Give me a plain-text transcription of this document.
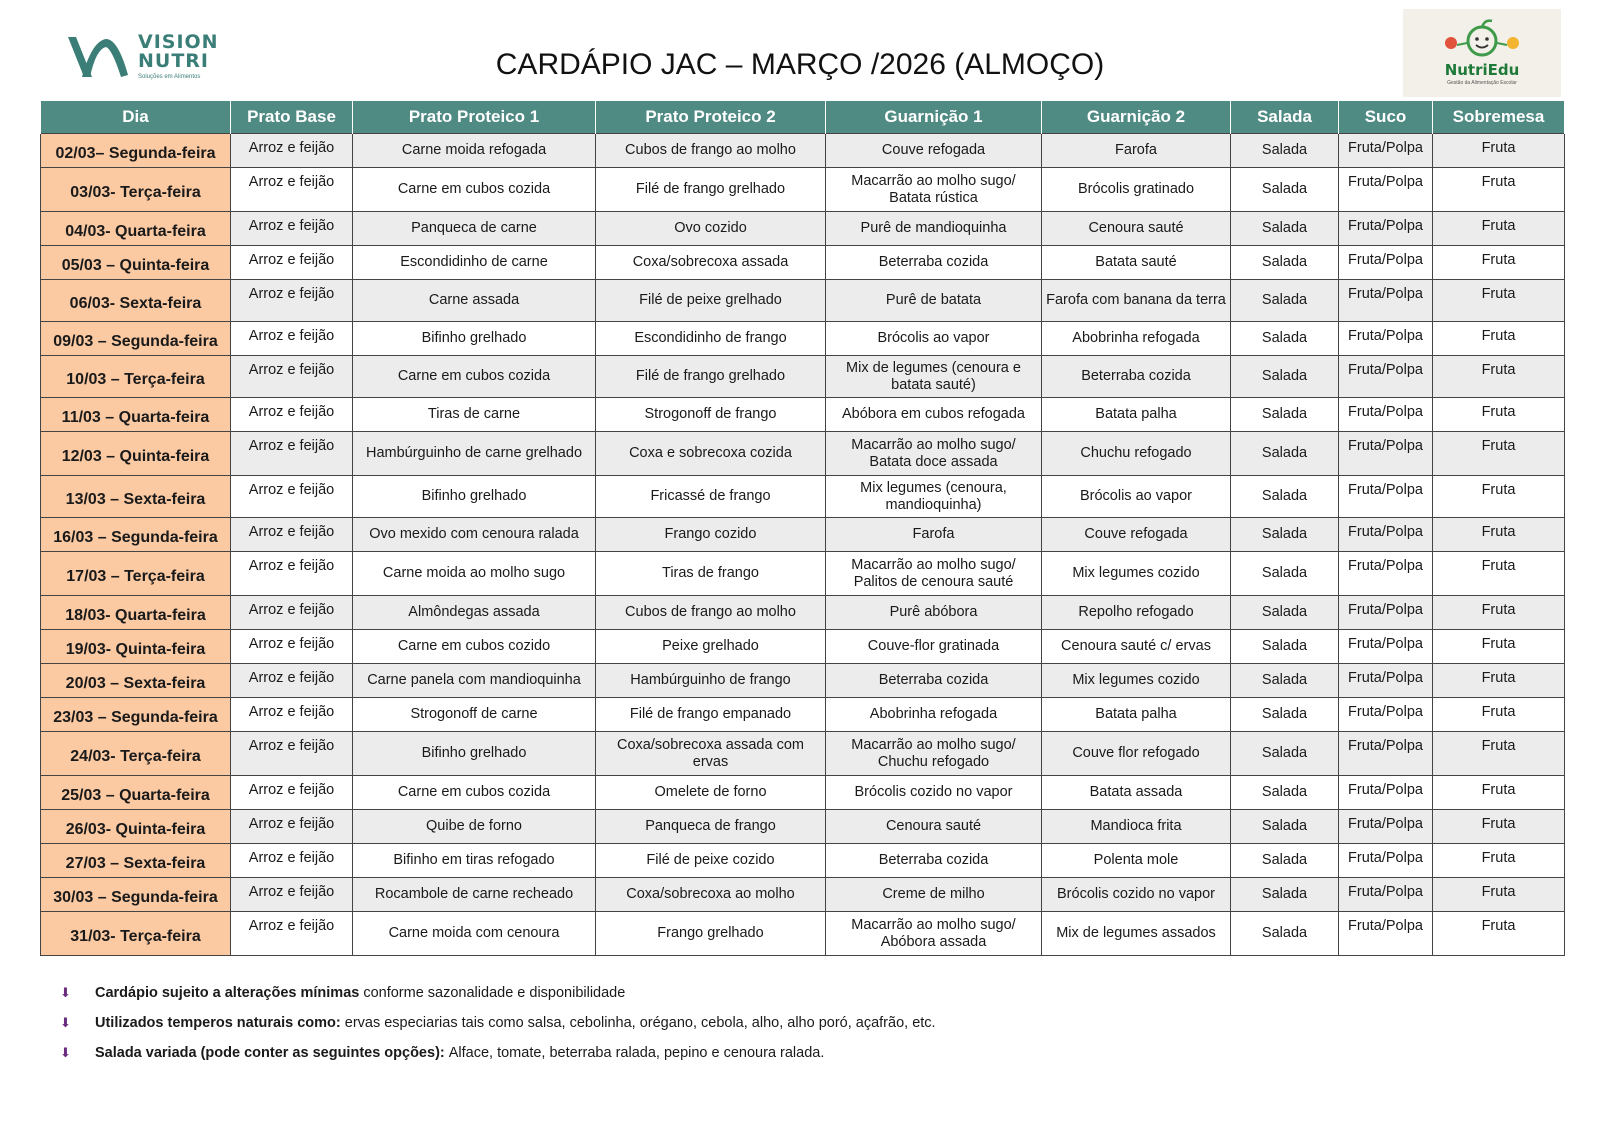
VISION
NUTRI
Soluções em Alimentos	CARDÁPIO JAC – MARÇO /2026 (ALMOÇO)	NutriEdu
Gestão da Alimentação Escolar
Dia	Prato Base	Prato Proteico 1	Prato Proteico 2	Guarnição 1	Guarnição 2	Salada	Suco	Sobremesa
02/03– Segunda-feira	Arroz e feijão	Carne moida refogada	Cubos de frango ao molho	Couve refogada	Farofa	Salada	Fruta/Polpa	Fruta
03/03- Terça-feira	Arroz e feijão	Carne em cubos cozida	Filé de frango grelhado	Macarrão ao molho sugo/ Batata rústica	Brócolis gratinado	Salada	Fruta/Polpa	Fruta
04/03- Quarta-feira	Arroz e feijão	Panqueca de carne	Ovo cozido	Purê de mandioquinha	Cenoura sauté	Salada	Fruta/Polpa	Fruta
05/03 – Quinta-feira	Arroz e feijão	Escondidinho de carne	Coxa/sobrecoxa assada	Beterraba cozida	Batata sauté	Salada	Fruta/Polpa	Fruta
06/03- Sexta-feira	Arroz e feijão	Carne assada	Filé de peixe grelhado	Purê de batata	Farofa com banana da terra	Salada	Fruta/Polpa	Fruta
09/03 – Segunda-feira	Arroz e feijão	Bifinho grelhado	Escondidinho de frango	Brócolis ao vapor	Abobrinha refogada	Salada	Fruta/Polpa	Fruta
10/03 – Terça-feira	Arroz e feijão	Carne em cubos cozida	Filé de frango grelhado	Mix de legumes (cenoura e batata sauté)	Beterraba cozida	Salada	Fruta/Polpa	Fruta
11/03 – Quarta-feira	Arroz e feijão	Tiras de carne	Strogonoff de frango	Abóbora em cubos refogada	Batata palha	Salada	Fruta/Polpa	Fruta
12/03 – Quinta-feira	Arroz e feijão	Hambúrguinho de carne grelhado	Coxa e sobrecoxa cozida	Macarrão ao molho sugo/ Batata doce assada	Chuchu refogado	Salada	Fruta/Polpa	Fruta
13/03 – Sexta-feira	Arroz e feijão	Bifinho grelhado	Fricassé de frango	Mix legumes (cenoura, mandioquinha)	Brócolis ao vapor	Salada	Fruta/Polpa	Fruta
16/03 – Segunda-feira	Arroz e feijão	Ovo mexido com cenoura ralada	Frango cozido	Farofa	Couve refogada	Salada	Fruta/Polpa	Fruta
17/03 – Terça-feira	Arroz e feijão	Carne moida ao molho sugo	Tiras de frango	Macarrão ao molho sugo/ Palitos de cenoura sauté	Mix legumes cozido	Salada	Fruta/Polpa	Fruta
18/03- Quarta-feira	Arroz e feijão	Almôndegas assada	Cubos de frango ao molho	Purê abóbora	Repolho refogado	Salada	Fruta/Polpa	Fruta
19/03- Quinta-feira	Arroz e feijão	Carne em cubos cozido	Peixe grelhado	Couve-flor gratinada	Cenoura sauté c/ ervas	Salada	Fruta/Polpa	Fruta
20/03 – Sexta-feira	Arroz e feijão	Carne panela com mandioquinha	Hambúrguinho de frango	Beterraba cozida	Mix legumes cozido	Salada	Fruta/Polpa	Fruta
23/03 – Segunda-feira	Arroz e feijão	Strogonoff de carne	Filé de frango empanado	Abobrinha refogada	Batata palha	Salada	Fruta/Polpa	Fruta
24/03- Terça-feira	Arroz e feijão	Bifinho grelhado	Coxa/sobrecoxa assada com ervas	Macarrão ao molho sugo/ Chuchu refogado	Couve flor refogado	Salada	Fruta/Polpa	Fruta
25/03 – Quarta-feira	Arroz e feijão	Carne em cubos cozida	Omelete de forno	Brócolis cozido no vapor	Batata assada	Salada	Fruta/Polpa	Fruta
26/03- Quinta-feira	Arroz e feijão	Quibe de forno	Panqueca de frango	Cenoura sauté	Mandioca frita	Salada	Fruta/Polpa	Fruta
27/03 – Sexta-feira	Arroz e feijão	Bifinho em tiras refogado	Filé de peixe cozido	Beterraba cozida	Polenta mole	Salada	Fruta/Polpa	Fruta
30/03 – Segunda-feira	Arroz e feijão	Rocambole de carne recheado	Coxa/sobrecoxa ao molho	Creme de milho	Brócolis cozido no vapor	Salada	Fruta/Polpa	Fruta
31/03- Terça-feira	Arroz e feijão	Carne moida com cenoura	Frango grelhado	Macarrão ao molho sugo/ Abóbora assada	Mix de legumes assados	Salada	Fruta/Polpa	Fruta
⬇	Cardápio sujeito a alterações mínimas conforme sazonalidade e disponibilidade
⬇	Utilizados temperos naturais como: ervas especiarias tais como salsa, cebolinha, orégano, cebola, alho, alho poró, açafrão, etc.
⬇	Salada variada (pode conter as seguintes opções): Alface, tomate, beterraba ralada, pepino e cenoura ralada.
